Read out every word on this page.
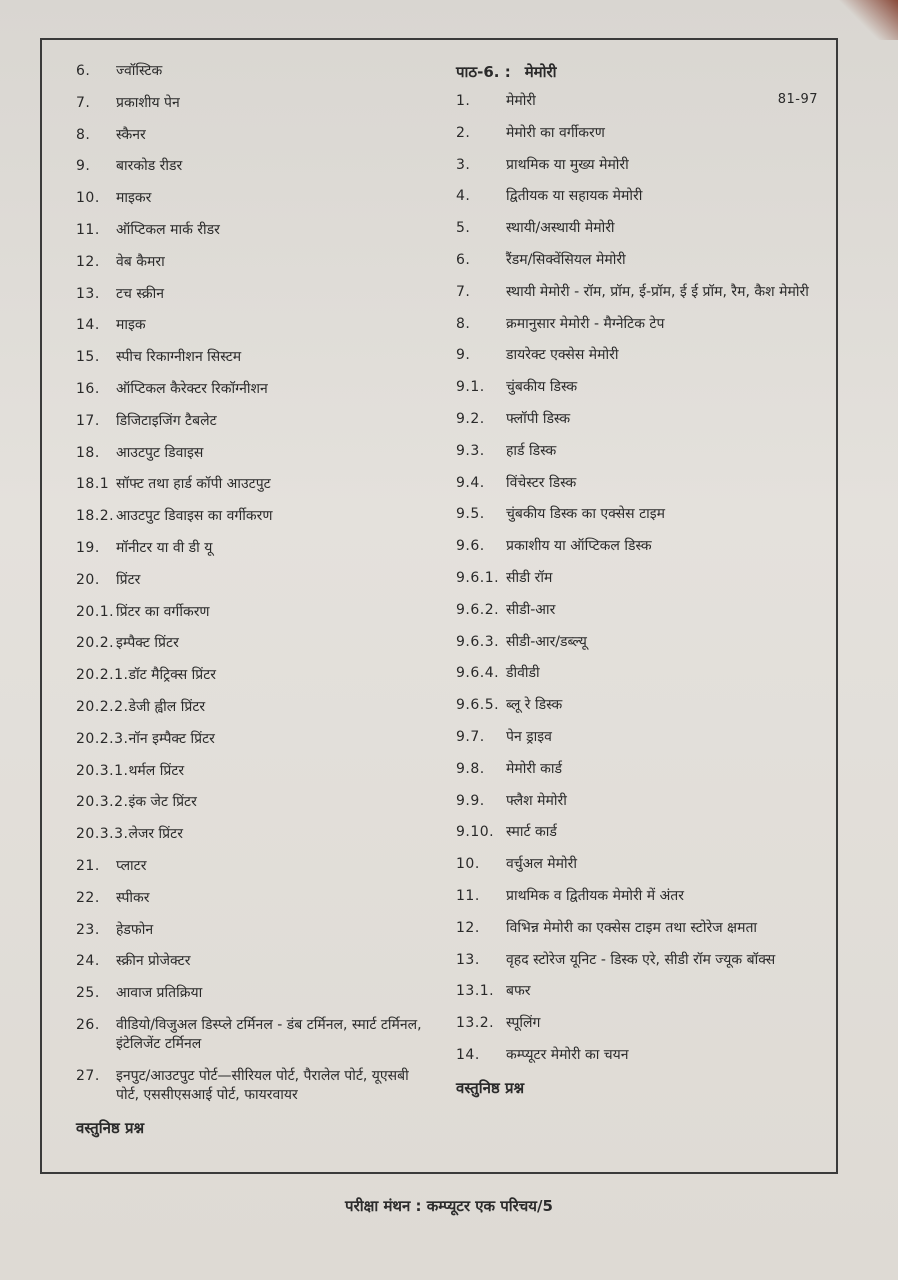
6.	ज्वॉस्टिक
7.	प्रकाशीय पेन
8.	स्कैनर
9.	बारकोड रीडर
10.	माइकर
11.	ऑप्टिकल मार्क रीडर
12.	वेब कैमरा
13.	टच स्क्रीन
14.	माइक
15.	स्पीच रिकाग्नीशन सिस्टम
16.	ऑप्टिकल कैरेक्टर रिकॉग्नीशन
17.	डिजिटाइजिंग टैबलेट
18.	आउटपुट डिवाइस
18.1 सॉफ्ट तथा हार्ड कॉपी आउटपुट
18.2. आउटपुट डिवाइस का वर्गीकरण
19.	मॉनीटर या वी डी यू
20.	प्रिंटर
20.1. प्रिंटर का वर्गीकरण
20.2. इम्पैक्ट प्रिंटर
20.2.1. डॉट मैट्रिक्स प्रिंटर
20.2.2. डेजी ह्वील प्रिंटर
20.2.3. नॉन इम्पैक्ट प्रिंटर
20.3.1. थर्मल प्रिंटर
20.3.2. इंक जेट प्रिंटर
20.3.3. लेजर प्रिंटर
21.	प्लाटर
22.	स्पीकर
23.	हेडफोन
24.	स्क्रीन प्रोजेक्टर
25.	आवाज प्रतिक्रिया
26.	वीडियो/विजुअल डिस्प्ले टर्मिनल - डंब टर्मिनल, स्मार्ट टर्मिनल, इंटेलिजेंट टर्मिनल
27.	इनपुट/आउटपुट पोर्ट—सीरियल पोर्ट, पैरालेल पोर्ट, यूएसबी पोर्ट, एससीएसआई पोर्ट, फायरवायर
वस्तुनिष्ठ प्रश्न
पाठ-6. : मेमोरी
1.	मेमोरी
2.	मेमोरी का वर्गीकरण
3.	प्राथमिक या मुख्य मेमोरी
4.	द्वितीयक या सहायक मेमोरी
5.	स्थायी/अस्थायी मेमोरी
6.	रैंडम/सिक्वेंसियल मेमोरी
7.	स्थायी मेमोरी - रॉम, प्रॉम, ई-प्रॉम, ई ई प्रॉम, रैम, कैश मेमोरी
8.	क्रमानुसार मेमोरी - मैग्नेटिक टेप
9.	डायरेक्ट एक्सेस मेमोरी
9.1.	चुंबकीय डिस्क
9.2.	फ्लॉपी डिस्क
9.3.	हार्ड डिस्क
9.4.	विंचेस्टर डिस्क
9.5.	चुंबकीय डिस्क का एक्सेस टाइम
9.6.	प्रकाशीय या ऑप्टिकल डिस्क
9.6.1. सीडी रॉम
9.6.2. सीडी-आर
9.6.3. सीडी-आर/डब्ल्यू
9.6.4. डीवीडी
9.6.5. ब्लू रे डिस्क
9.7.	पेन ड्राइव
9.8.	मेमोरी कार्ड
9.9.	फ्लैश मेमोरी
9.10. स्मार्ट कार्ड
10.	वर्चुअल मेमोरी
11.	प्राथमिक व द्वितीयक मेमोरी में अंतर
12.	विभिन्न मेमोरी का एक्सेस टाइम तथा स्टोरेज क्षमता
13.	वृहद स्टोरेज यूनिट - डिस्क एरे, सीडी रॉम ज्यूक बॉक्स
13.1. बफर
13.2. स्पूलिंग
14.	कम्प्यूटर मेमोरी का चयन
वस्तुनिष्ठ प्रश्न
81-97
परीक्षा मंथन : कम्प्यूटर एक परिचय/5
